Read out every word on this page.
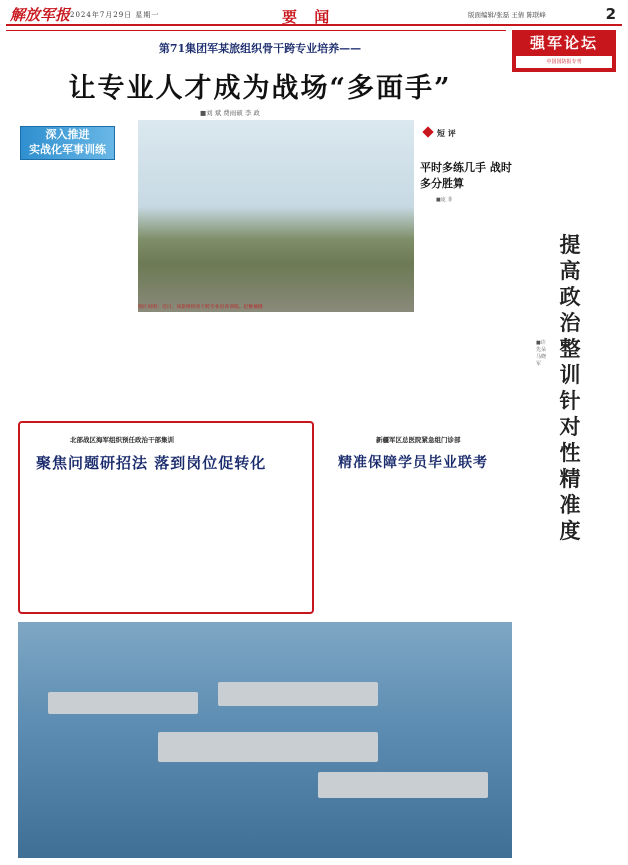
解放军报 2024年7月29日 星期一	要 闻	版面编辑/张磊 王倩 陈联峰	2
第71集团军某旅组织骨干跨专业培养——
让专业人才成为战场“多面手”
■刘 斌 费雨硕 李 政
深入推进
实战化军事训练
图片说明：近日，该旅组织骨干跨专业培养训练。赵雅楠摄
短 评
平时多练几手 战时多分胜算
■庞 菲
强军论坛
中国国防报专刊
提高政治整训针对性精准度
■许先朵 马晓军
北部战区海军组织预任政治干部集训
聚焦问题研招法 落到岗位促转化
新疆军区总医院紧急组门诊部
精准保障学员毕业联考
